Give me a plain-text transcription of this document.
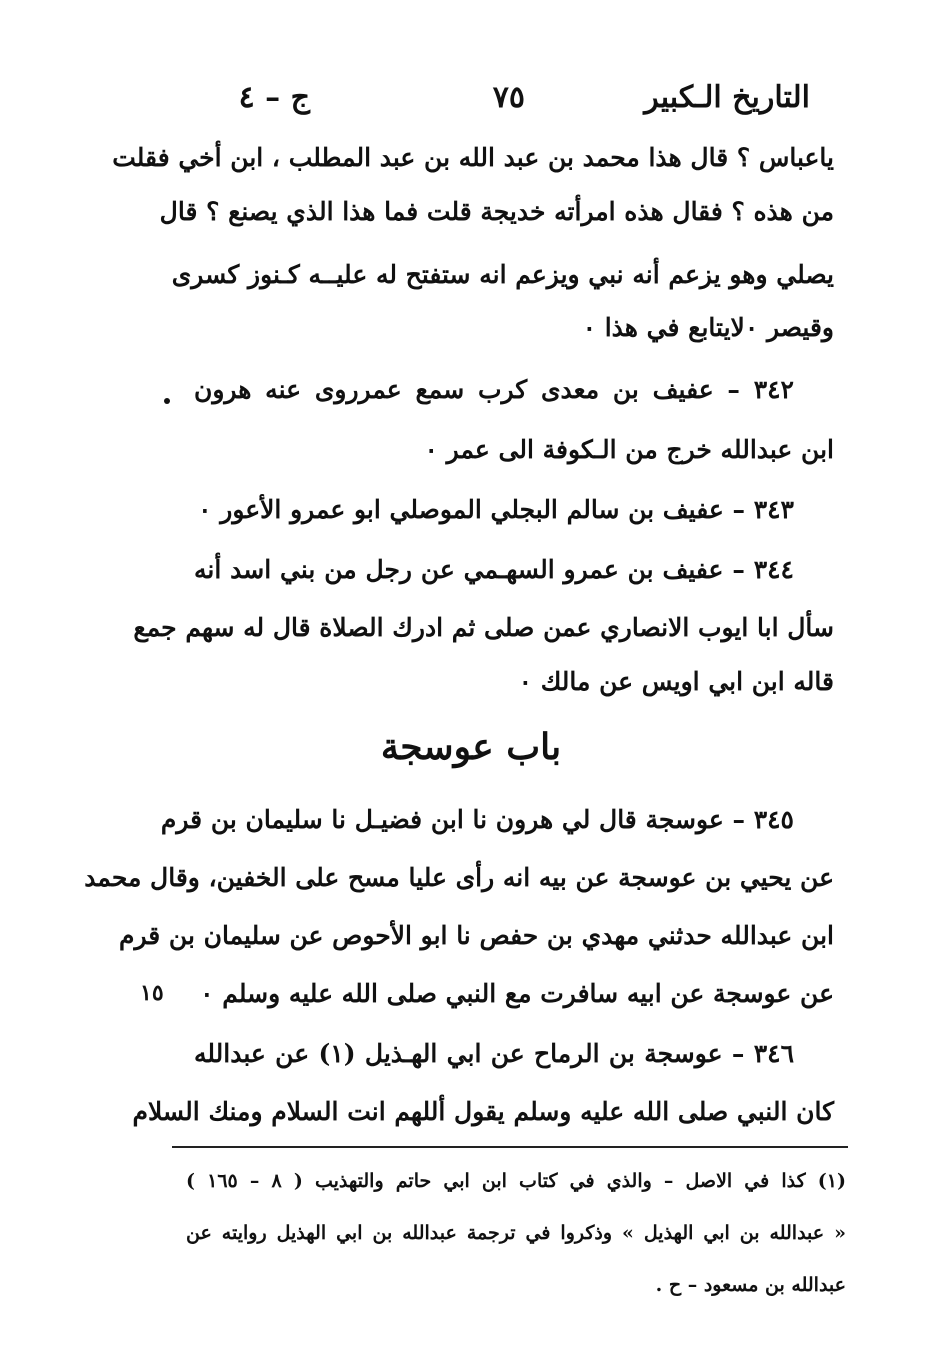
التاريخ الـكبير
٧٥
ج – ٤
ياعباس ؟ قال هذا محمد بن عبد الله بن عبد المطلب ، ابن أخي فقلت
من هذه ؟ فقال هذه امرأته خديجة قلت فما هذا الذي يصنع ؟ قال
يصلي وهو يزعم أنه نبي ويزعم انه ستفتح له عليــه كـنوز كسرى
وقيصر ٠لايتابع في هذا ٠
٣٤٢ – عفيف بن معدى كرب سمع عمرروى عنه هرون
ابن عبدالله خرج من الـكوفة الى عمر ٠
٣٤٣ – عفيف بن سالم البجلي الموصلي ابو عمرو الأعور ٠
٣٤٤ – عفيف بن عمرو السهـمي عن رجل من بني اسد أنه
سأل ابا ايوب الانصاري عمن صلى ثم ادرك الصلاة قال له سهم جمع
قاله ابن ابي اويس عن مالك ٠
باب عوسجة
٣٤٥ – عوسجة قال لي هرون نا ابن فضيـل نا سليمان بن قرم
عن يحيي بن عوسجة عن بيه انه رأى عليا مسح على الخفين، وقال محمد
ابن عبدالله حدثني مهدي بن حفص نا ابو الأحوص عن سليمان بن قرم
عن عوسجة عن ابيه سافرت مع النبي صلى الله عليه وسلم ٠
٣٤٦ – عوسجة بن الرماح عن ابي الهـذيل (١) عن عبدالله
كان النبي صلى الله عليه وسلم يقول أللهم انت السلام ومنك السلام
١٥
(١) كذا في الاصل – والذي في كتاب ابن ابي حاتم والتهذيب ( ٨ – ١٦٥ )
« عبدالله بن ابي الهذيل » وذكروا في ترجمة عبدالله بن ابي الهذيل روايته عن
عبدالله بن مسعود – ح .
